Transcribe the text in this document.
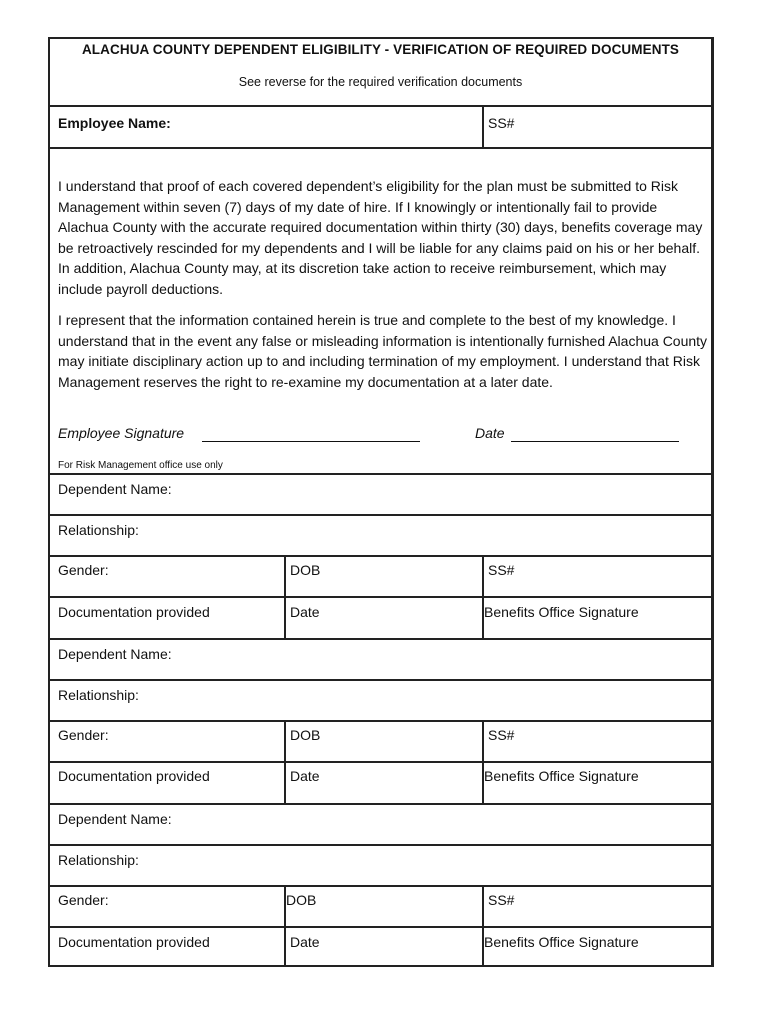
ALACHUA COUNTY DEPENDENT ELIGIBILITY - VERIFICATION OF REQUIRED DOCUMENTS
See reverse for the required verification documents
Employee Name:	SS#
I understand that proof of each covered dependent’s eligibility for the plan must be submitted to Risk Management within seven (7) days of my date of hire. If I knowingly or intentionally fail to provide Alachua County with the accurate required documentation within thirty (30) days, benefits coverage may be retroactively rescinded for my dependents and I will be liable for any claims paid on his or her behalf. In addition, Alachua County may, at its discretion take action to receive reimbursement, which may include payroll deductions.
I represent that the information contained herein is true and complete to the best of my knowledge. I understand that in the event any false or misleading information is intentionally furnished Alachua County may initiate disciplinary action up to and including termination of my employment. I understand that Risk Management reserves the right to re-examine my documentation at a later date.
Employee Signature	Date
For Risk Management office use only
Dependent Name:
Relationship:
Gender:	DOB	SS#
Documentation provided	Date	Benefits Office Signature
Dependent Name:
Relationship:
Gender:	DOB	SS#
Documentation provided	Date	Benefits Office Signature
Dependent Name:
Relationship:
Gender:	DOB	SS#
Documentation provided	Date	Benefits Office Signature
